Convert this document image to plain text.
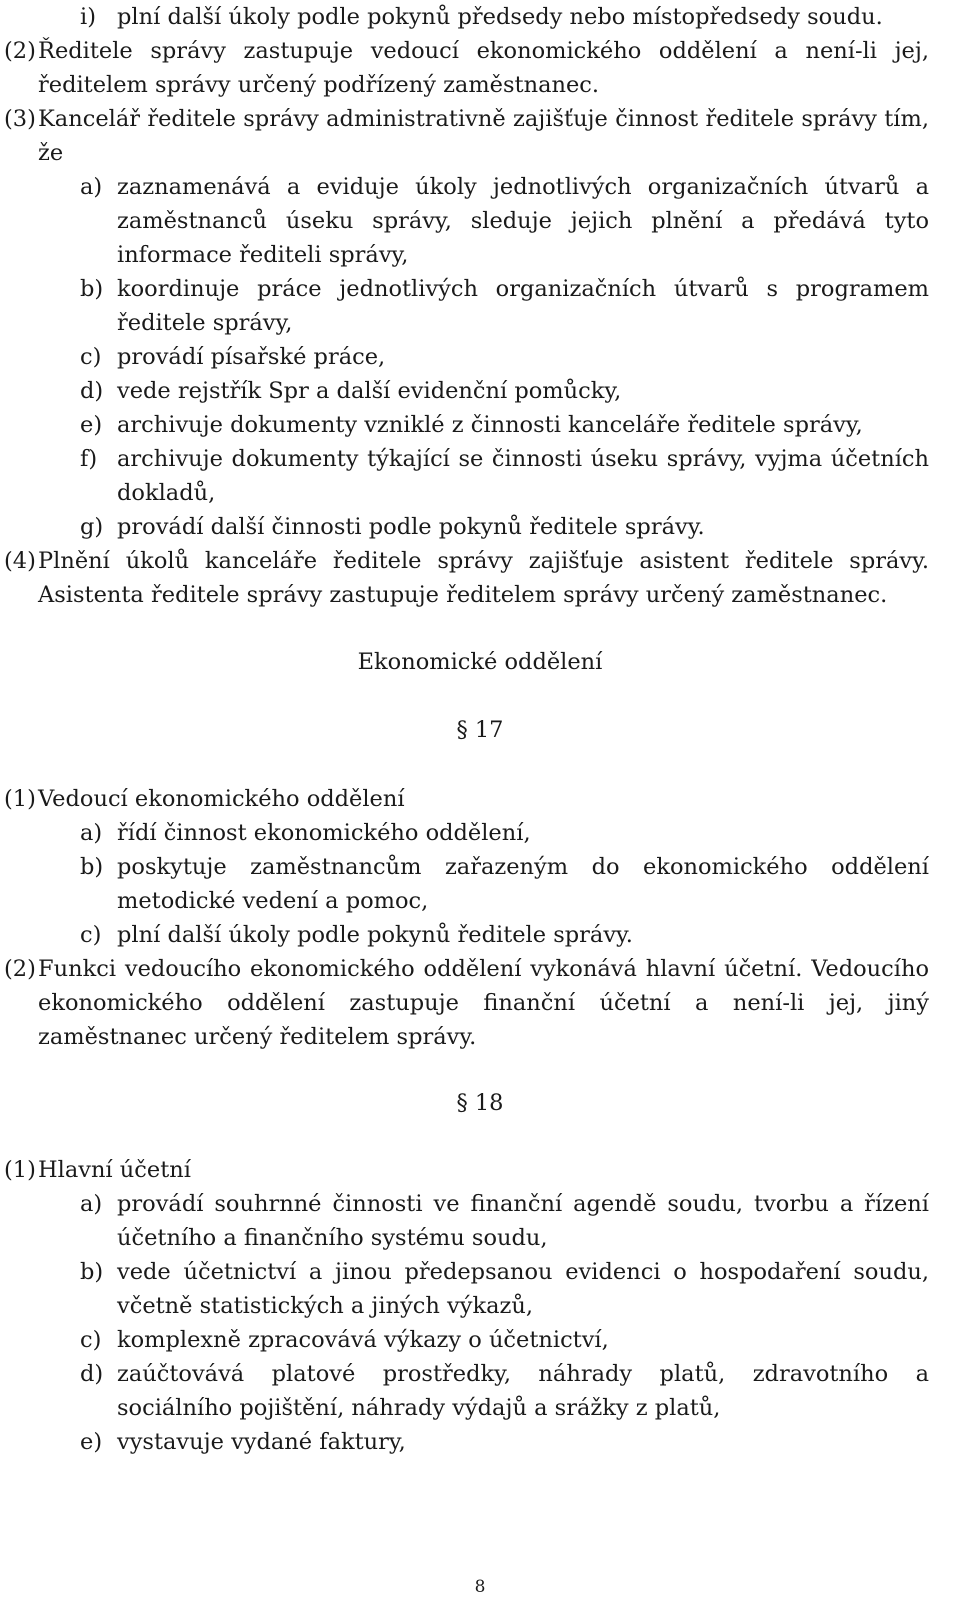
i) plní další úkoly podle pokynů předsedy nebo místopředsedy soudu.

(2) Ředitele správy zastupuje vedoucí ekonomického oddělení a není-li jej, ředitelem správy určený podřízený zaměstnanec.

(3) Kancelář ředitele správy administrativně zajišťuje činnost ředitele správy tím, že

a) zaznamenává a eviduje úkoly jednotlivých organizačních útvarů a zaměstnanců úseku správy, sleduje jejich plnění a předává tyto informace řediteli správy,

b) koordinuje práce jednotlivých organizačních útvarů s programem ředitele správy,

c) provádí písařské práce,

d) vede rejstřík Spr a další evidenční pomůcky,

e) archivuje dokumenty vzniklé z činnosti kanceláře ředitele správy,

f) archivuje dokumenty týkající se činnosti úseku správy, vyjma účetních dokladů,

g) provádí další činnosti podle pokynů ředitele správy.

(4) Plnění úkolů kanceláře ředitele správy zajišťuje asistent ředitele správy. Asistenta ředitele správy zastupuje ředitelem správy určený zaměstnanec.

Ekonomické oddělení

§ 17

(1) Vedoucí ekonomického oddělení

a) řídí činnost ekonomického oddělení,

b) poskytuje zaměstnancům zařazeným do ekonomického oddělení metodické vedení a pomoc,

c) plní další úkoly podle pokynů ředitele správy.

(2) Funkci vedoucího ekonomického oddělení vykonává hlavní účetní. Vedoucího ekonomického oddělení zastupuje finanční účetní a není-li jej, jiný zaměstnanec určený ředitelem správy.

§ 18

(1) Hlavní účetní

a) provádí souhrnné činnosti ve finanční agendě soudu, tvorbu a řízení účetního a finančního systému soudu,

b) vede účetnictví a jinou předepsanou evidenci o hospodaření soudu, včetně statistických a jiných výkazů,

c) komplexně zpracovává výkazy o účetnictví,

d) zaúčtovává platové prostředky, náhrady platů, zdravotního a sociálního pojištění, náhrady výdajů a srážky z platů,

e) vystavuje vydané faktury,

8
